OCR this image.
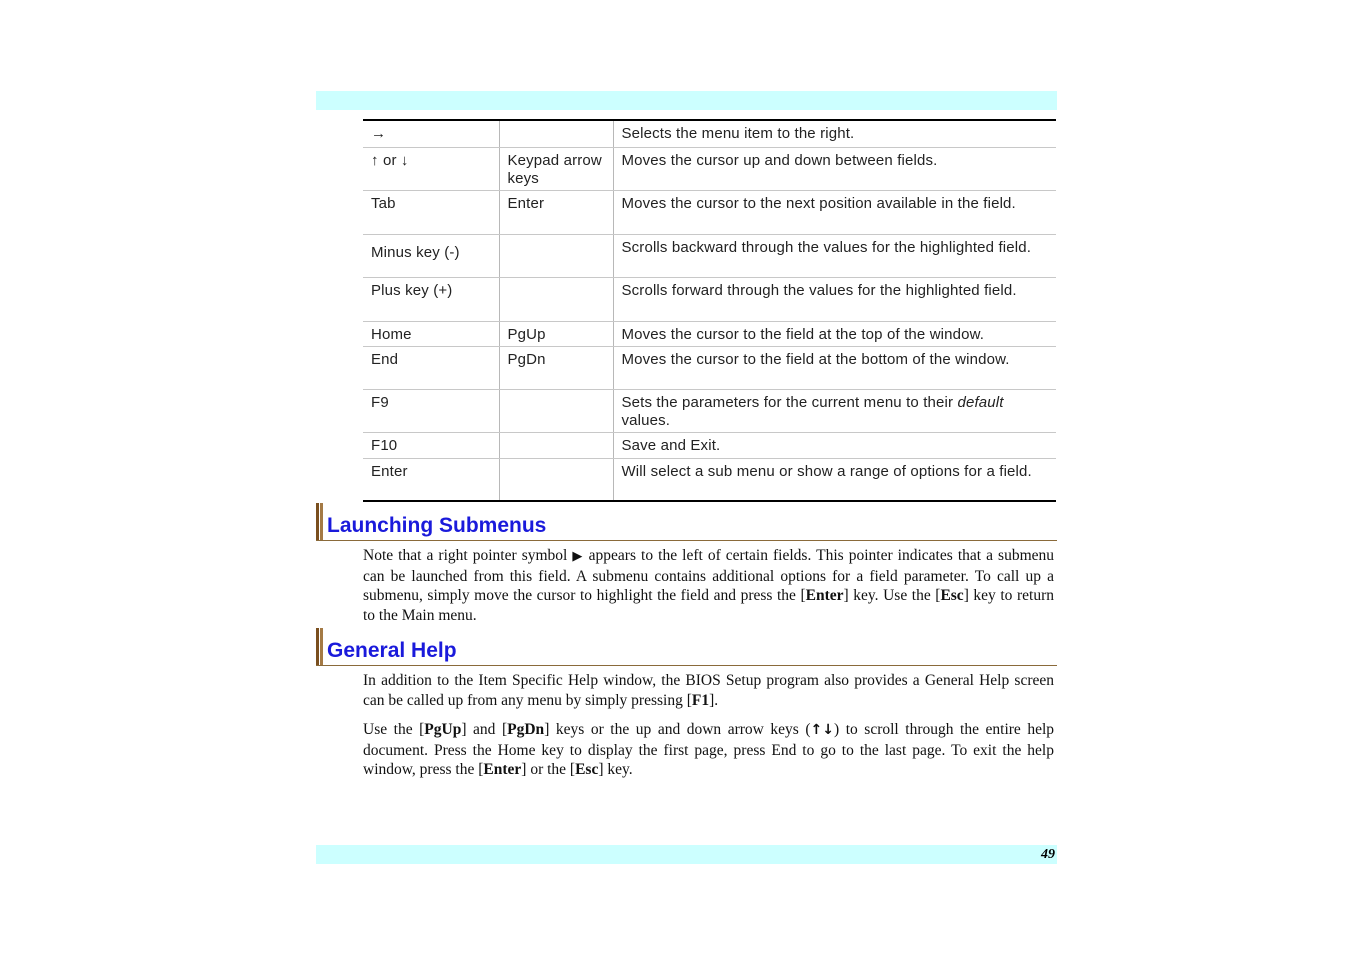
→		Selects the menu item to the right.
↑ or ↓	Keypad arrow keys	Moves the cursor up and down between fields.
Tab	Enter	Moves the cursor to the next position available in the field.
Minus key (-)		Scrolls backward through the values for the highlighted field.
Plus key (+)		Scrolls forward through the values for the highlighted field.
Home	PgUp	Moves the cursor to the field at the top of the window.
End	PgDn	Moves the cursor to the field at the bottom of the window.
F9		Sets the parameters for the current menu to their default values.
F10		Save and Exit.
Enter		Will select a sub menu or show a range of options for a field.
Launching Submenus

Note that a right pointer symbol ▶ appears to the left of certain fields. This pointer indicates that a submenu can be launched from this field. A submenu contains additional options for a field parameter. To call up a submenu, simply move the cursor to highlight the field and press the [Enter] key. Use the [Esc] key to return to the Main menu.

General Help

In addition to the Item Specific Help window, the BIOS Setup program also provides a General Help screen can be called up from any menu by simply pressing [F1].

Use the [PgUp] and [PgDn] keys or the up and down arrow keys (↑↓) to scroll through the entire help document. Press the Home key to display the first page, press End to go to the last page. To exit the help window, press the [Enter] or the [Esc] key.

49
